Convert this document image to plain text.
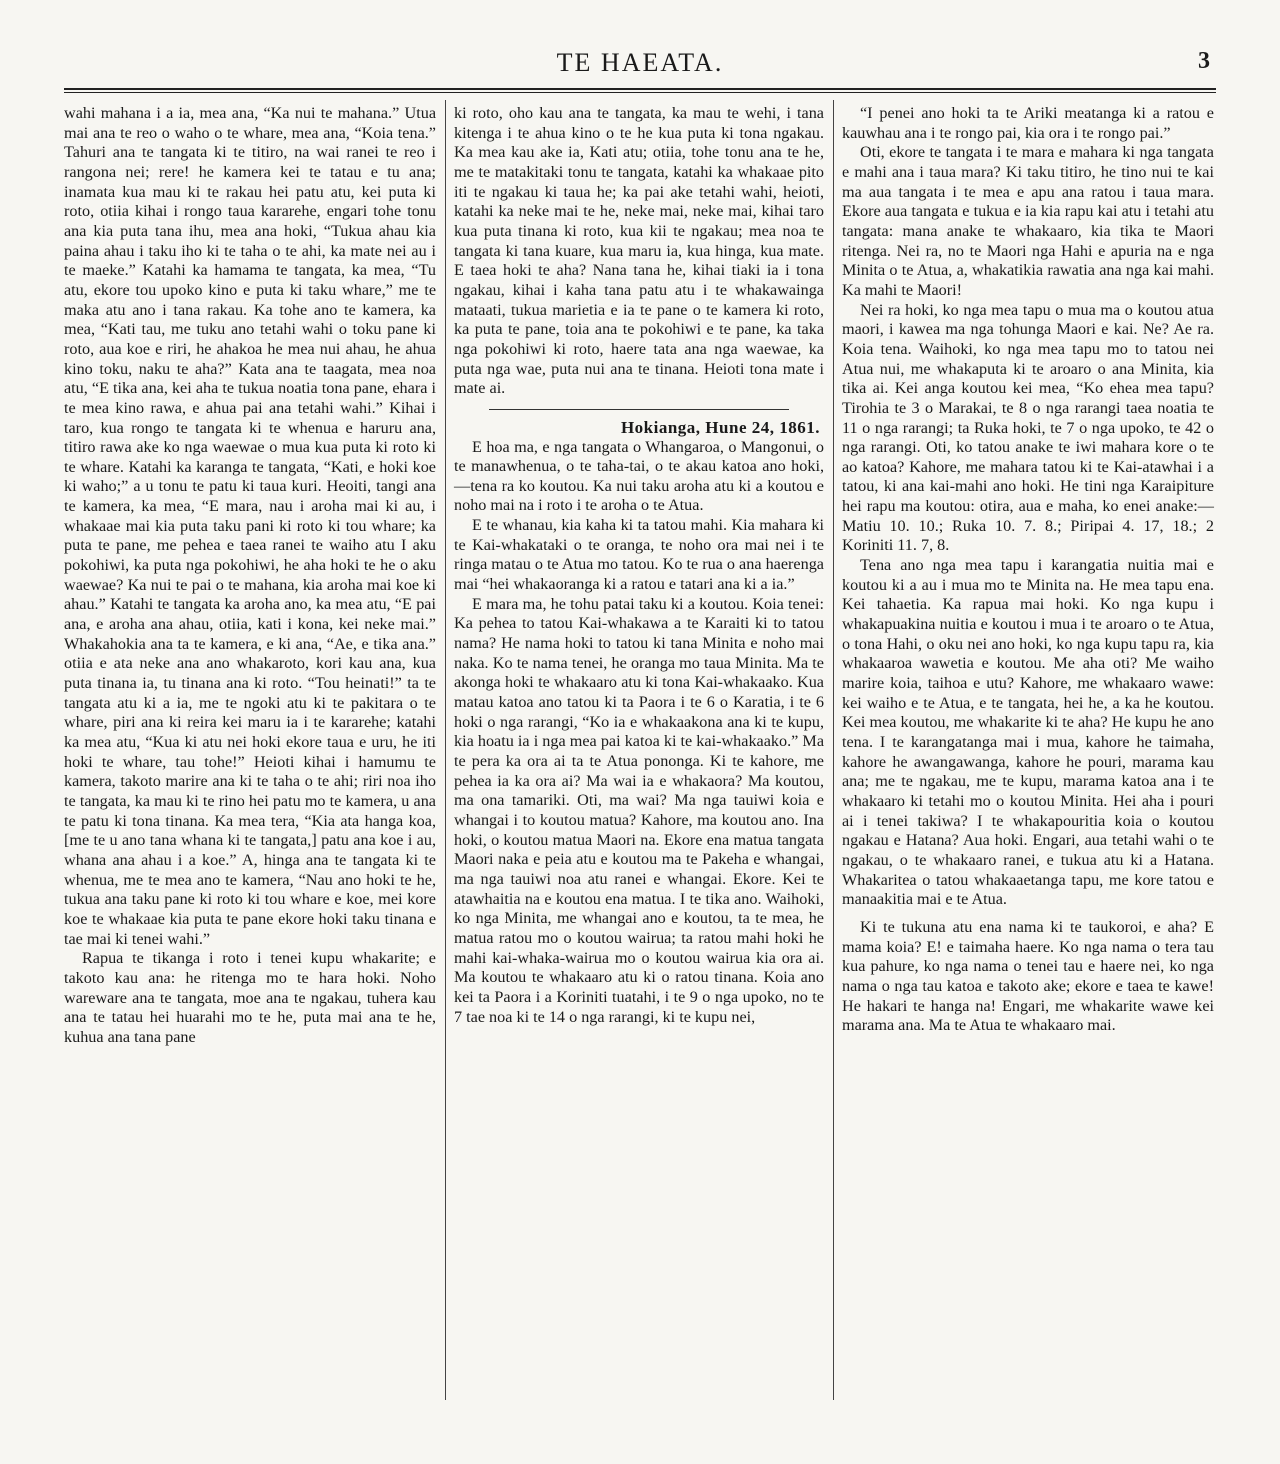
TE HAEATA.	3

wahi mahana i a ia, mea ana, “Ka nui te mahana.” Utua mai ana te reo o waho o te whare, mea ana, “Koia tena.” Tahuri ana te tangata ki te titiro, na wai ranei te reo i rangona nei; rere! he kamera kei te tatau e tu ana; inamata kua mau ki te rakau hei patu atu, kei puta ki roto, otiia kihai i rongo taua kararehe, engari tohe tonu ana kia puta tana ihu, mea ana hoki, “Tukua ahau kia paina ahau i taku iho ki te taha o te ahi, ka mate nei au i te maeke.” Katahi ka hamama te tangata, ka mea, “Tu atu, ekore tou upoko kino e puta ki taku whare,” me te maka atu ano i tana rakau. Ka tohe ano te kamera, ka mea, “Kati tau, me tuku ano tetahi wahi o toku pane ki roto, aua koe e riri, he ahakoa he mea nui ahau, he ahua kino toku, naku te aha?” Kata ana te taagata, mea noa atu, “E tika ana, kei aha te tukua noatia tona pane, ehara i te mea kino rawa, e ahua pai ana tetahi wahi.” Kihai i taro, kua rongo te tangata ki te whenua e haruru ana, titiro rawa ake ko nga waewae o mua kua puta ki roto ki te whare. Katahi ka karanga te tangata, “Kati, e hoki koe ki waho;” a u tonu te patu ki taua kuri. Heoiti, tangi ana te kamera, ka mea, “E mara, nau i aroha mai ki au, i whakaae mai kia puta taku pani ki roto ki tou whare; ka puta te pane, me pehea e taea ranei te waiho atu I aku pokohiwi, ka puta nga pokohiwi, he aha hoki te he o aku waewae? Ka nui te pai o te mahana, kia aroha mai koe ki ahau.” Katahi te tangata ka aroha ano, ka mea atu, “E pai ana, e aroha ana ahau, otiia, kati i kona, kei neke mai.” Whakahokia ana ta te kamera, e ki ana, “Ae, e tika ana.” otiia e ata neke ana ano whakaroto, kori kau ana, kua puta tinana ia, tu tinana ana ki roto. “Tou heinati!” ta te tangata atu ki a ia, me te ngoki atu ki te pakitara o te whare, piri ana ki reira kei maru ia i te kararehe; katahi ka mea atu, “Kua ki atu nei hoki ekore taua e uru, he iti hoki te whare, tau tohe!” Heioti kihai i hamumu te kamera, takoto marire ana ki te taha o te ahi; riri noa iho te tangata, ka mau ki te rino hei patu mo te kamera, u ana te patu ki tona tinana. Ka mea tera, “Kia ata hanga koa, [me te u ano tana whana ki te tangata,] patu ana koe i au, whana ana ahau i a koe.” A, hinga ana te tangata ki te whenua, me te mea ano te kamera, “Nau ano hoki te he, tukua ana taku pane ki roto ki tou whare e koe, mei kore koe te whakaae kia puta te pane ekore hoki taku tinana e tae mai ki tenei wahi.”

Rapua te tikanga i roto i tenei kupu whakarite; e takoto kau ana: he ritenga mo te hara hoki. Noho wareware ana te tangata, moe ana te ngakau, tuhera kau ana te tatau hei huarahi mo te he, puta mai ana te he, kuhua ana tana pane

ki roto, oho kau ana te tangata, ka mau te wehi, i tana kitenga i te ahua kino o te he kua puta ki tona ngakau. Ka mea kau ake ia, Kati atu; otiia, tohe tonu ana te he, me te matakitaki tonu te tangata, katahi ka whakaae pito iti te ngakau ki taua he; ka pai ake tetahi wahi, heioti, katahi ka neke mai te he, neke mai, neke mai, kihai taro kua puta tinana ki roto, kua kii te ngakau; mea noa te tangata ki tana kuare, kua maru ia, kua hinga, kua mate. E taea hoki te aha? Nana tana he, kihai tiaki ia i tona ngakau, kihai i kaha tana patu atu i te whakawainga mataati, tukua marietia e ia te pane o te kamera ki roto, ka puta te pane, toia ana te pokohiwi e te pane, ka taka nga pokohiwi ki roto, haere tata ana nga waewae, ka puta nga wae, puta nui ana te tinana. Heioti tona mate i mate ai.

Hokianga, Hune 24, 1861.

E hoa ma, e nga tangata o Whangaroa, o Mangonui, o te manawhenua, o te taha-tai, o te akau katoa ano hoki,—tena ra ko koutou. Ka nui taku aroha atu ki a koutou e noho mai na i roto i te aroha o te Atua.

E te whanau, kia kaha ki ta tatou mahi. Kia mahara ki te Kai-whakataki o te oranga, te noho ora mai nei i te ringa matau o te Atua mo tatou. Ko te rua o ana haerenga mai “hei whakaoranga ki a ratou e tatari ana ki a ia.”

E mara ma, he tohu patai taku ki a koutou. Koia tenei: Ka pehea to tatou Kai-whakawa a te Karaiti ki to tatou nama? He nama hoki to tatou ki tana Minita e noho mai naka. Ko te nama tenei, he oranga mo taua Minita. Ma te akonga hoki te whakaaro atu ki tona Kai-whakaako. Kua matau katoa ano tatou ki ta Paora i te 6 o Karatia, i te 6 hoki o nga rarangi, “Ko ia e whakaakona ana ki te kupu, kia hoatu ia i nga mea pai katoa ki te kai-whakaako.” Ma te pera ka ora ai ta te Atua pononga. Ki te kahore, me pehea ia ka ora ai? Ma wai ia e whakaora? Ma koutou, ma ona tamariki. Oti, ma wai? Ma nga tauiwi koia e whangai i to koutou matua? Kahore, ma koutou ano. Ina hoki, o koutou matua Maori na. Ekore ena matua tangata Maori naka e peia atu e koutou ma te Pakeha e whangai, ma nga tauiwi noa atu ranei e whangai. Ekore. Kei te atawhaitia na e koutou ena matua. I te tika ano. Waihoki, ko nga Minita, me whangai ano e koutou, ta te mea, he matua ratou mo o koutou wairua; ta ratou mahi hoki he mahi kai-whaka-wairua mo o koutou wairua kia ora ai. Ma koutou te whakaaro atu ki o ratou tinana. Koia ano kei ta Paora i a Koriniti tuatahi, i te 9 o nga upoko, no te 7 tae noa ki te 14 o nga rarangi, ki te kupu nei,

“I penei ano hoki ta te Ariki meatanga ki a ratou e kauwhau ana i te rongo pai, kia ora i te rongo pai.”

Oti, ekore te tangata i te mara e mahara ki nga tangata e mahi ana i taua mara? Ki taku titiro, he tino nui te kai ma aua tangata i te mea e apu ana ratou i taua mara. Ekore aua tangata e tukua e ia kia rapu kai atu i tetahi atu tangata: mana anake te whakaaro, kia tika te Maori ritenga. Nei ra, no te Maori nga Hahi e apuria na e nga Minita o te Atua, a, whakatikia rawatia ana nga kai mahi. Ka mahi te Maori!

Nei ra hoki, ko nga mea tapu o mua ma o koutou atua maori, i kawea ma nga tohunga Maori e kai. Ne? Ae ra. Koia tena. Waihoki, ko nga mea tapu mo to tatou nei Atua nui, me whakaputa ki te aroaro o ana Minita, kia tika ai. Kei anga koutou kei mea, “Ko ehea mea tapu? Tirohia te 3 o Marakai, te 8 o nga rarangi taea noatia te 11 o nga rarangi; ta Ruka hoki, te 7 o nga upoko, te 42 o nga rarangi. Oti, ko tatou anake te iwi mahara kore o te ao katoa? Kahore, me mahara tatou ki te Kai-atawhai i a tatou, ki ana kai-mahi ano hoki. He tini nga Karaipiture hei rapu ma koutou: otira, aua e maha, ko enei anake:— Matiu 10. 10.; Ruka 10. 7. 8.; Piripai 4. 17, 18.; 2 Koriniti 11. 7, 8.

Tena ano nga mea tapu i karangatia nuitia mai e koutou ki a au i mua mo te Minita na. He mea tapu ena. Kei tahaetia. Ka rapua mai hoki. Ko nga kupu i whakapuakina nuitia e koutou i mua i te aroaro o te Atua, o tona Hahi, o oku nei ano hoki, ko nga kupu tapu ra, kia whakaaroa wawetia e koutou. Me aha oti? Me waiho marire koia, taihoa e utu? Kahore, me whakaaro wawe: kei waiho e te Atua, e te tangata, hei he, a ka he koutou. Kei mea koutou, me whakarite ki te aha? He kupu he ano tena. I te karangatanga mai i mua, kahore he taimaha, kahore he awangawanga, kahore he pouri, marama kau ana; me te ngakau, me te kupu, marama katoa ana i te whakaaro ki tetahi mo o koutou Minita. Hei aha i pouri ai i tenei takiwa? I te whakapouritia koia o koutou ngakau e Hatana? Aua hoki. Engari, aua tetahi wahi o te ngakau, o te whakaaro ranei, e tukua atu ki a Hatana. Whakaritea o tatou whakaaetanga tapu, me kore tatou e manaakitia mai e te Atua.

Ki te tukuna atu ena nama ki te taukoroi, e aha? E mama koia? E! e taimaha haere. Ko nga nama o tera tau kua pahure, ko nga nama o tenei tau e haere nei, ko nga nama o nga tau katoa e takoto ake; ekore e taea te kawe! He hakari te hanga na! Engari, me whakarite wawe kei marama ana. Ma te Atua te whakaaro mai.
